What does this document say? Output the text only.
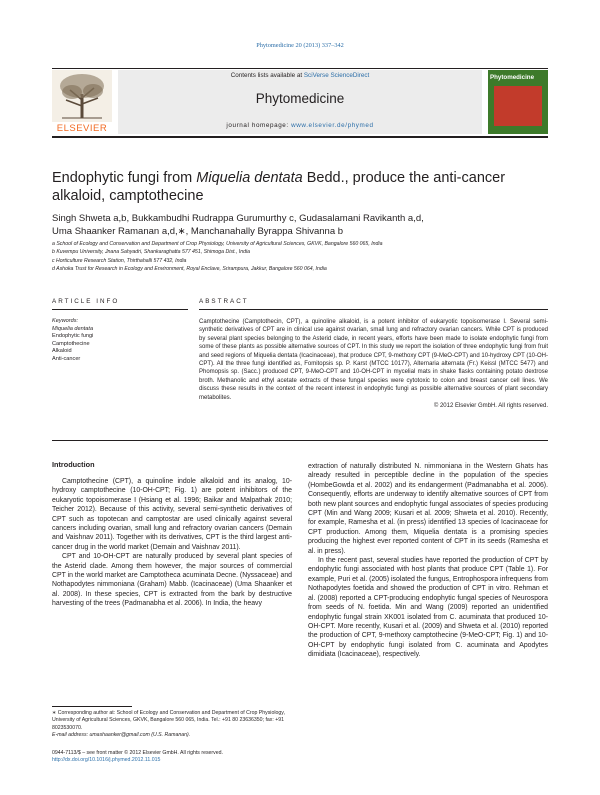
Phytomedicine 20 (2013) 337–342
ELSEVIER
Contents lists available at SciVerse ScienceDirect
Phytomedicine
journal homepage: www.elsevier.de/phymed
Phytomedicine
Endophytic fungi from Miquelia dentata Bedd., produce the anti-cancer alkaloid, camptothecine
Singh Shweta a,b, Bukkambudhi Rudrappa Gurumurthy c, Gudasalamani Ravikanth a,d,
Uma Shaanker Ramanan a,d,∗, Manchanahally Byrappa Shivanna b
a School of Ecology and Conservation and Department of Crop Physiology, University of Agricultural Sciences, GKVK, Bangalore 560 065, India
b Kuvempu University, Jnana Sahyadri, Shankaraghatta 577 451, Shimoga Dist., India
c Horticulture Research Station, Thirthahalli 577 432, India
d Ashoka Trust for Research in Ecology and Environment, Royal Enclave, Srirampura, Jakkur, Bangalore 560 064, India
ARTICLE INFO	ABSTRACT
Keywords:
Miquelia dentata
Endophytic fungi
Camptothecine
Alkaloid
Anti-cancer
Camptothecine (Camptothecin, CPT), a quinoline alkaloid, is a potent inhibitor of eukaryotic topoisomerase I. Several semi-synthetic derivatives of CPT are in clinical use against ovarian, small lung and refractory ovarian cancers. While CPT is produced by several plant species belonging to the Asterid clade, in recent years, efforts have been made to isolate endophytic fungi from some of these plants as possible alternative sources of CPT. In this study we report the isolation of three endophytic fungi from fruit and seed regions of Miquelia dentata (Icacinaceae), that produce CPT, 9-methoxy CPT (9-MeO-CPT) and 10-hydroxy CPT (10-OH-CPT). All the three fungi identified as, Fomitopsis sp. P. Karst (MTCC 10177), Alternaria alternata (Fr.) Keissl (MTCC 5477) and Phomopsis sp. (Sacc.) produced CPT, 9-MeO-CPT and 10-OH-CPT in mycelial mats in shake flasks containing potato dextrose broth. Methanolic and ethyl acetate extracts of these fungal species were cytotoxic to colon and breast cancer cell lines. We discuss these results in the context of the recent interest in endophytic fungi as possible alternative sources of plant secondary metabolites.
© 2012 Elsevier GmbH. All rights reserved.
Introduction

Camptothecine (CPT), a quinoline indole alkaloid and its analog, 10-hydroxy camptothecine (10-OH-CPT; Fig. 1) are potent inhibitors of the eukaryotic topoisomerase I (Hsiang et al. 1996; Baikar and Malpathak 2010; Teicher 2012). Because of this activity, several semi-synthetic derivatives of CPT such as topotecan and camptostar are used clinically against several cancers including ovarian, small lung and refractory ovarian cancers (Demain and Vaishnav 2011). Together with its derivatives, CPT is the third largest anti-cancer drug in the world market (Demain and Vaishnav 2011).

CPT and 10-OH-CPT are naturally produced by several plant species of the Asterid clade. Among them however, the major sources of commercial CPT in the world market are Camptotheca acuminata Decne. (Nyssaceae) and Nothapodytes nimmoniana (Graham) Mabb. (Icacinaceae) (Uma Shaanker et al. 2008). In these species, CPT is extracted from the bark by destructive harvesting of the trees (Padmanabha et al. 2006). In India, the heavy

extraction of naturally distributed N. nimmoniana in the Western Ghats has already resulted in perceptible decline in the population of the species (HombeGowda et al. 2002) and its endangerment (Padmanabha et al. 2006). Consequently, efforts are underway to identify alternative sources of CPT from both new plant sources and endophytic fungal associates of species producing CPT (Min and Wang 2009; Kusari et al. 2009; Shweta et al. 2010). Recently, for example, Ramesha et al. (in press) identified 13 species of Icacinaceae for CPT production. Among them, Miquelia dentata is a promising species producing the highest ever reported content of CPT in its seeds (Ramesha et al. in press).

In the recent past, several studies have reported the production of CPT by endophytic fungi associated with host plants that produce CPT (Table 1). For example, Puri et al. (2005) isolated the fungus, Entrophospora infrequens from Nothapodytes foetida and showed the production of CPT in vitro. Rehman et al. (2008) reported a CPT-producing endophytic fungal species of Neurospora from seeds of N. foetida. Min and Wang (2009) reported an unidentified endophytic fungal strain XK001 isolated from C. acuminata that produced 10-OH-CPT. More recently, Kusari et al. (2009) and Shweta et al. (2010) reported the production of CPT, 9-methoxy camptothecine (9-MeO-CPT; Fig. 1) and 10-OH-CPT by endophytic fungi isolated from C. acuminata and Apodytes dimidiata (Icacinaceae), respectively.

∗ Corresponding author at: School of Ecology and Conservation and Department of Crop Physiology, University of Agricultural Sciences, GKVK, Bangalore 560 065, India. Tel.: +91 80 23636350; fax: +91 8023530070.
E-mail address: umashaanker@gmail.com (U.S. Ramanan).
0944-7113/$ – see front matter © 2012 Elsevier GmbH. All rights reserved.
http://dx.doi.org/10.1016/j.phymed.2012.11.015
